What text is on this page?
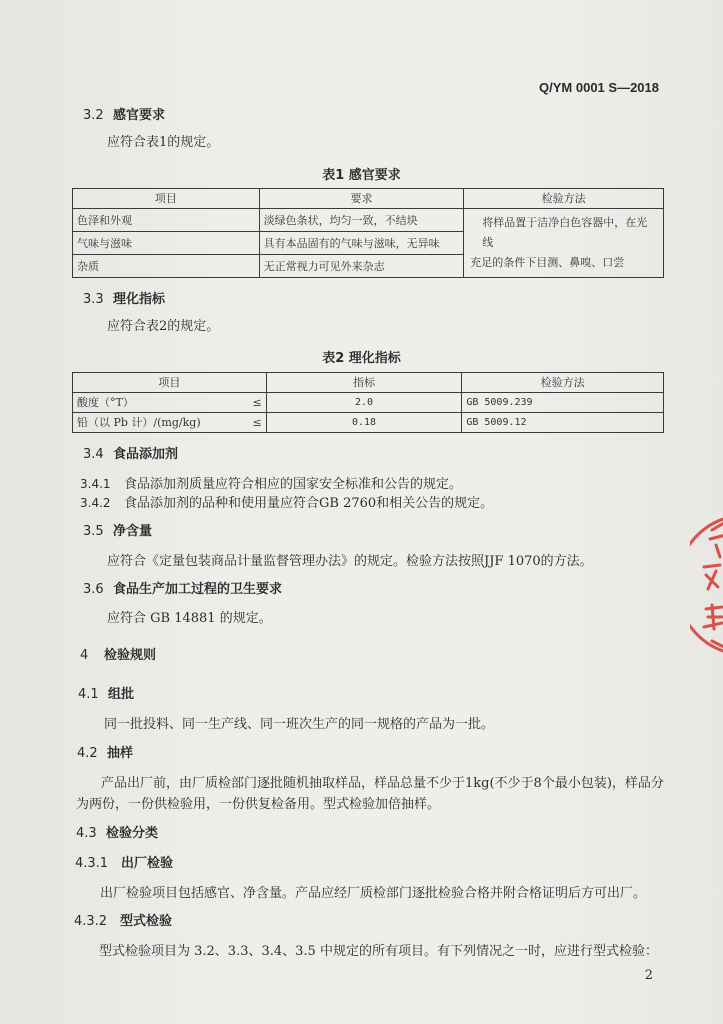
Q/YM 0001 S—2018
3.2 感官要求
应符合表1的规定。
表1 感官要求
项目	要求	检验方法
色泽和外观	淡绿色条状，均匀一致，不结块	将样品置于洁净白色容器中，在光线
充足的条件下目测、鼻嗅、口尝

气味与滋味	具有本品固有的气味与滋味，无异味	
杂质	无正常视力可见外来杂志	
3.3 理化指标
应符合表2的规定。
表2 理化指标
项目	指标	检验方法
酸度（°T） ≤	2.0	GB 5009.239
铅（以 Pb 计）/(mg/kg) ≤	0.18	GB 5009.12
3.4 食品添加剂
3.4.1 食品添加剂质量应符合相应的国家安全标准和公告的规定。
3.4.2 食品添加剂的品种和使用量应符合GB 2760和相关公告的规定。
3.5 净含量
应符合《定量包装商品计量监督管理办法》的规定。检验方法按照JJF 1070的方法。
3.6 食品生产加工过程的卫生要求
应符合 GB 14881 的规定。
4 检验规则
4.1 组批
同一批投料、同一生产线、同一班次生产的同一规格的产品为一批。
4.2 抽样
产品出厂前，由厂质检部门逐批随机抽取样品，样品总量不少于1kg(不少于8个最小包装)，样品分
为两份，一份供检验用，一份供复检备用。型式检验加倍抽样。
4.3 检验分类
4.3.1 出厂检验
出厂检验项目包括感官、净含量。产品应经厂质检部门逐批检验合格并附合格证明后方可出厂。
4.3.2 型式检验
型式检验项目为 3.2、3.3、3.4、3.5 中规定的所有项目。有下列情况之一时，应进行型式检验：
2
